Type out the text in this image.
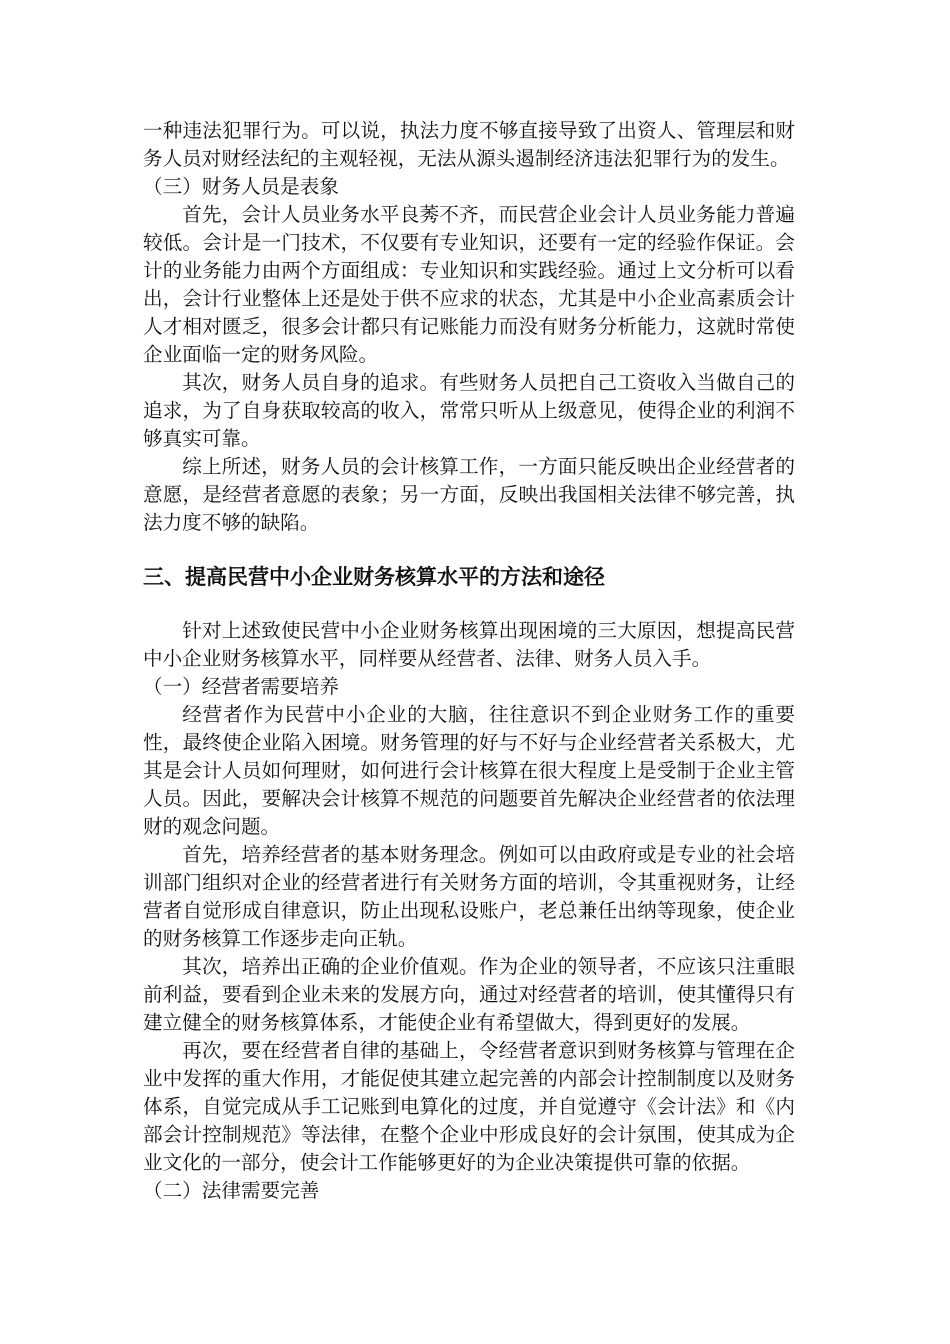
一种违法犯罪行为。可以说，执法力度不够直接导致了出资人、管理层和财务人员对财经法纪的主观轻视，无法从源头遏制经济违法犯罪行为的发生。

（三）财务人员是表象

首先，会计人员业务水平良莠不齐，而民营企业会计人员业务能力普遍较低。会计是一门技术，不仅要有专业知识，还要有一定的经验作保证。会计的业务能力由两个方面组成：专业知识和实践经验。通过上文分析可以看出，会计行业整体上还是处于供不应求的状态，尤其是中小企业高素质会计人才相对匮乏，很多会计都只有记账能力而没有财务分析能力，这就时常使企业面临一定的财务风险。

其次，财务人员自身的追求。有些财务人员把自己工资收入当做自己的追求，为了自身获取较高的收入，常常只听从上级意见，使得企业的利润不够真实可靠。

综上所述，财务人员的会计核算工作，一方面只能反映出企业经营者的意愿，是经营者意愿的表象；另一方面，反映出我国相关法律不够完善，执法力度不够的缺陷。

三、提高民营中小企业财务核算水平的方法和途径

针对上述致使民营中小企业财务核算出现困境的三大原因，想提高民营中小企业财务核算水平，同样要从经营者、法律、财务人员入手。

（一）经营者需要培养

经营者作为民营中小企业的大脑，往往意识不到企业财务工作的重要性，最终使企业陷入困境。财务管理的好与不好与企业经营者关系极大，尤其是会计人员如何理财，如何进行会计核算在很大程度上是受制于企业主管人员。因此，要解决会计核算不规范的问题要首先解决企业经营者的依法理财的观念问题。

首先，培养经营者的基本财务理念。例如可以由政府或是专业的社会培训部门组织对企业的经营者进行有关财务方面的培训，令其重视财务，让经营者自觉形成自律意识，防止出现私设账户，老总兼任出纳等现象，使企业的财务核算工作逐步走向正轨。

其次，培养出正确的企业价值观。作为企业的领导者，不应该只注重眼前利益，要看到企业未来的发展方向，通过对经营者的培训，使其懂得只有建立健全的财务核算体系，才能使企业有希望做大，得到更好的发展。

再次，要在经营者自律的基础上，令经营者意识到财务核算与管理在企业中发挥的重大作用，才能促使其建立起完善的内部会计控制制度以及财务体系，自觉完成从手工记账到电算化的过度，并自觉遵守《会计法》和《内部会计控制规范》等法律，在整个企业中形成良好的会计氛围，使其成为企业文化的一部分，使会计工作能够更好的为企业决策提供可靠的依据。

（二）法律需要完善
